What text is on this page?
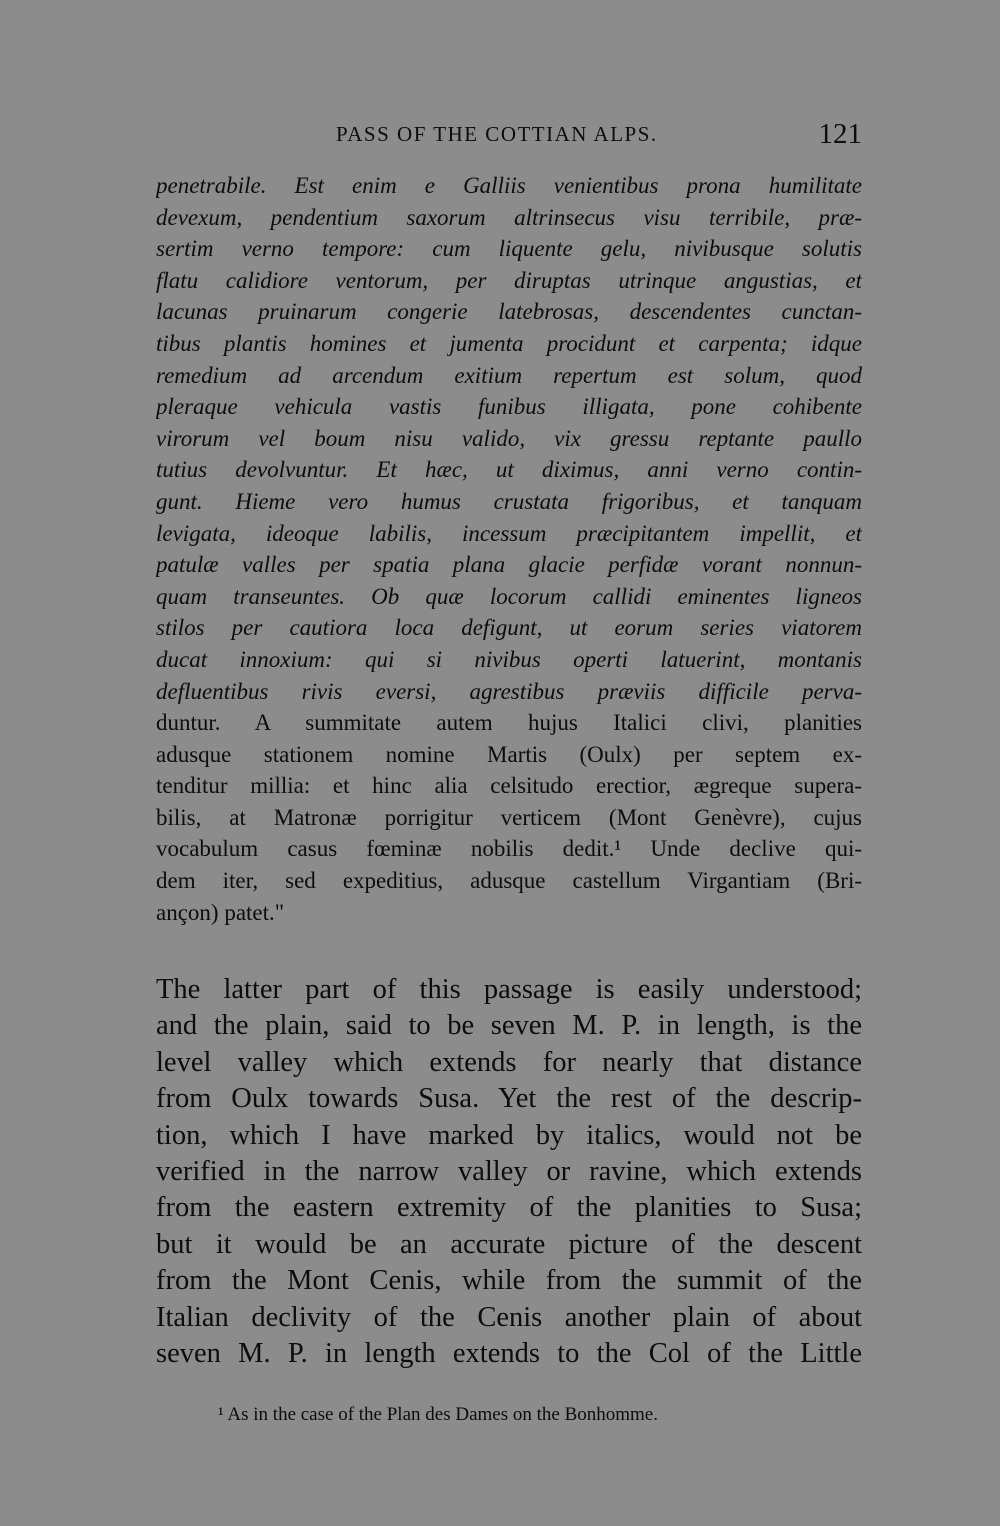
PASS OF THE COTTIAN ALPS.	121
penetrabile. Est enim e Galliis venientibus prona humilitate
devexum, pendentium saxorum altrinsecus visu terribile, præ-
sertim verno tempore: cum liquente gelu, nivibusque solutis
flatu calidiore ventorum, per diruptas utrinque angustias, et
lacunas pruinarum congerie latebrosas, descendentes cunctan-
tibus plantis homines et jumenta procidunt et carpenta; idque
remedium ad arcendum exitium repertum est solum, quod
pleraque vehicula vastis funibus illigata, pone cohibente
virorum vel boum nisu valido, vix gressu reptante paullo
tutius devolvuntur. Et hæc, ut diximus, anni verno contin-
gunt. Hieme vero humus crustata frigoribus, et tanquam
levigata, ideoque labilis, incessum præcipitantem impellit, et
patulæ valles per spatia plana glacie perfidæ vorant nonnun-
quam transeuntes. Ob quæ locorum callidi eminentes ligneos
stilos per cautiora loca defigunt, ut eorum series viatorem
ducat innoxium: qui si nivibus operti latuerint, montanis
defluentibus rivis eversi, agrestibus præviis difficile perva-
duntur. A summitate autem hujus Italici clivi, planities
adusque stationem nomine Martis (Oulx) per septem ex-
tenditur millia: et hinc alia celsitudo erectior, ægreque supera-
bilis, at Matronæ porrigitur verticem (Mont Genèvre), cujus
vocabulum casus fœminæ nobilis dedit.¹ Unde declive qui-
dem iter, sed expeditius, adusque castellum Virgantiam (Bri-
ançon) patet."
The latter part of this passage is easily understood;
and the plain, said to be seven M. P. in length, is the
level valley which extends for nearly that distance
from Oulx towards Susa. Yet the rest of the descrip-
tion, which I have marked by italics, would not be
verified in the narrow valley or ravine, which extends
from the eastern extremity of the planities to Susa;
but it would be an accurate picture of the descent
from the Mont Cenis, while from the summit of the
Italian declivity of the Cenis another plain of about
seven M. P. in length extends to the Col of the Little
¹ As in the case of the Plan des Dames on the Bonhomme.
